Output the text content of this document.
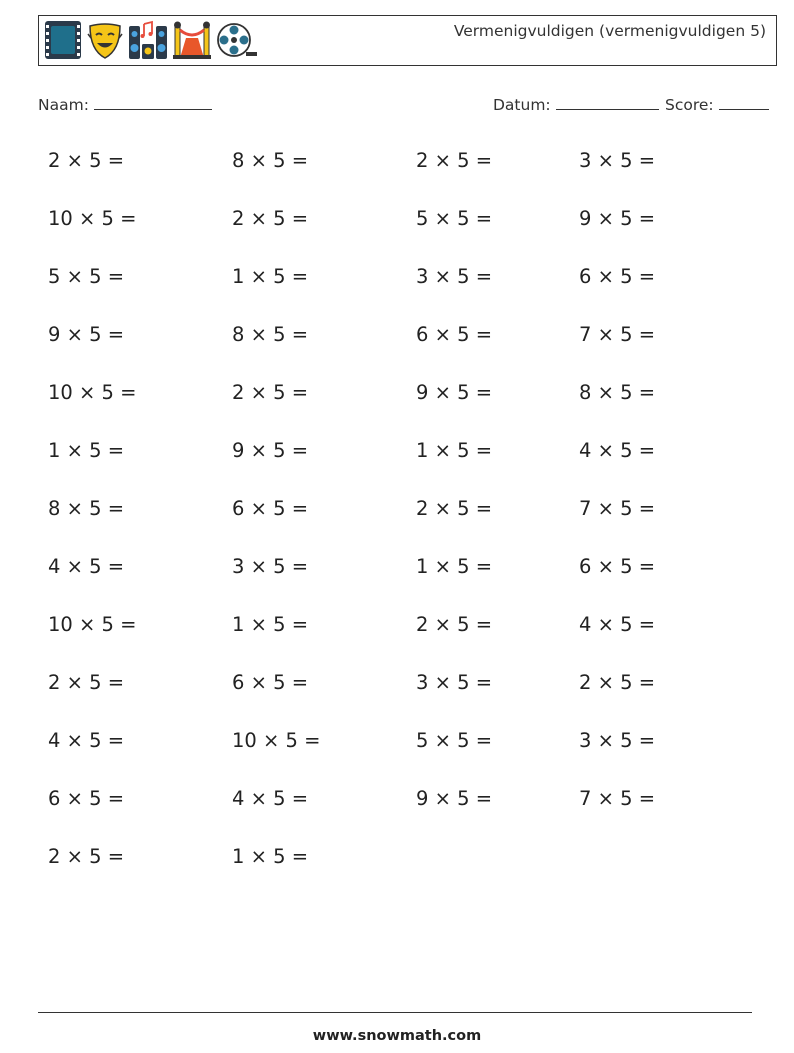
Vermenigvuldigen (vermenigvuldigen 5)
Naam:	Datum:	Score:
2 × 5 =	8 × 5 =	2 × 5 =	3 × 5 =
10 × 5 =	2 × 5 =	5 × 5 =	9 × 5 =
5 × 5 =	1 × 5 =	3 × 5 =	6 × 5 =
9 × 5 =	8 × 5 =	6 × 5 =	7 × 5 =
10 × 5 =	2 × 5 =	9 × 5 =	8 × 5 =
1 × 5 =	9 × 5 =	1 × 5 =	4 × 5 =
8 × 5 =	6 × 5 =	2 × 5 =	7 × 5 =
4 × 5 =	3 × 5 =	1 × 5 =	6 × 5 =
10 × 5 =	1 × 5 =	2 × 5 =	4 × 5 =
2 × 5 =	6 × 5 =	3 × 5 =	2 × 5 =
4 × 5 =	10 × 5 =	5 × 5 =	3 × 5 =
6 × 5 =	4 × 5 =	9 × 5 =	7 × 5 =
2 × 5 =	1 × 5 =
www.snowmath.com
